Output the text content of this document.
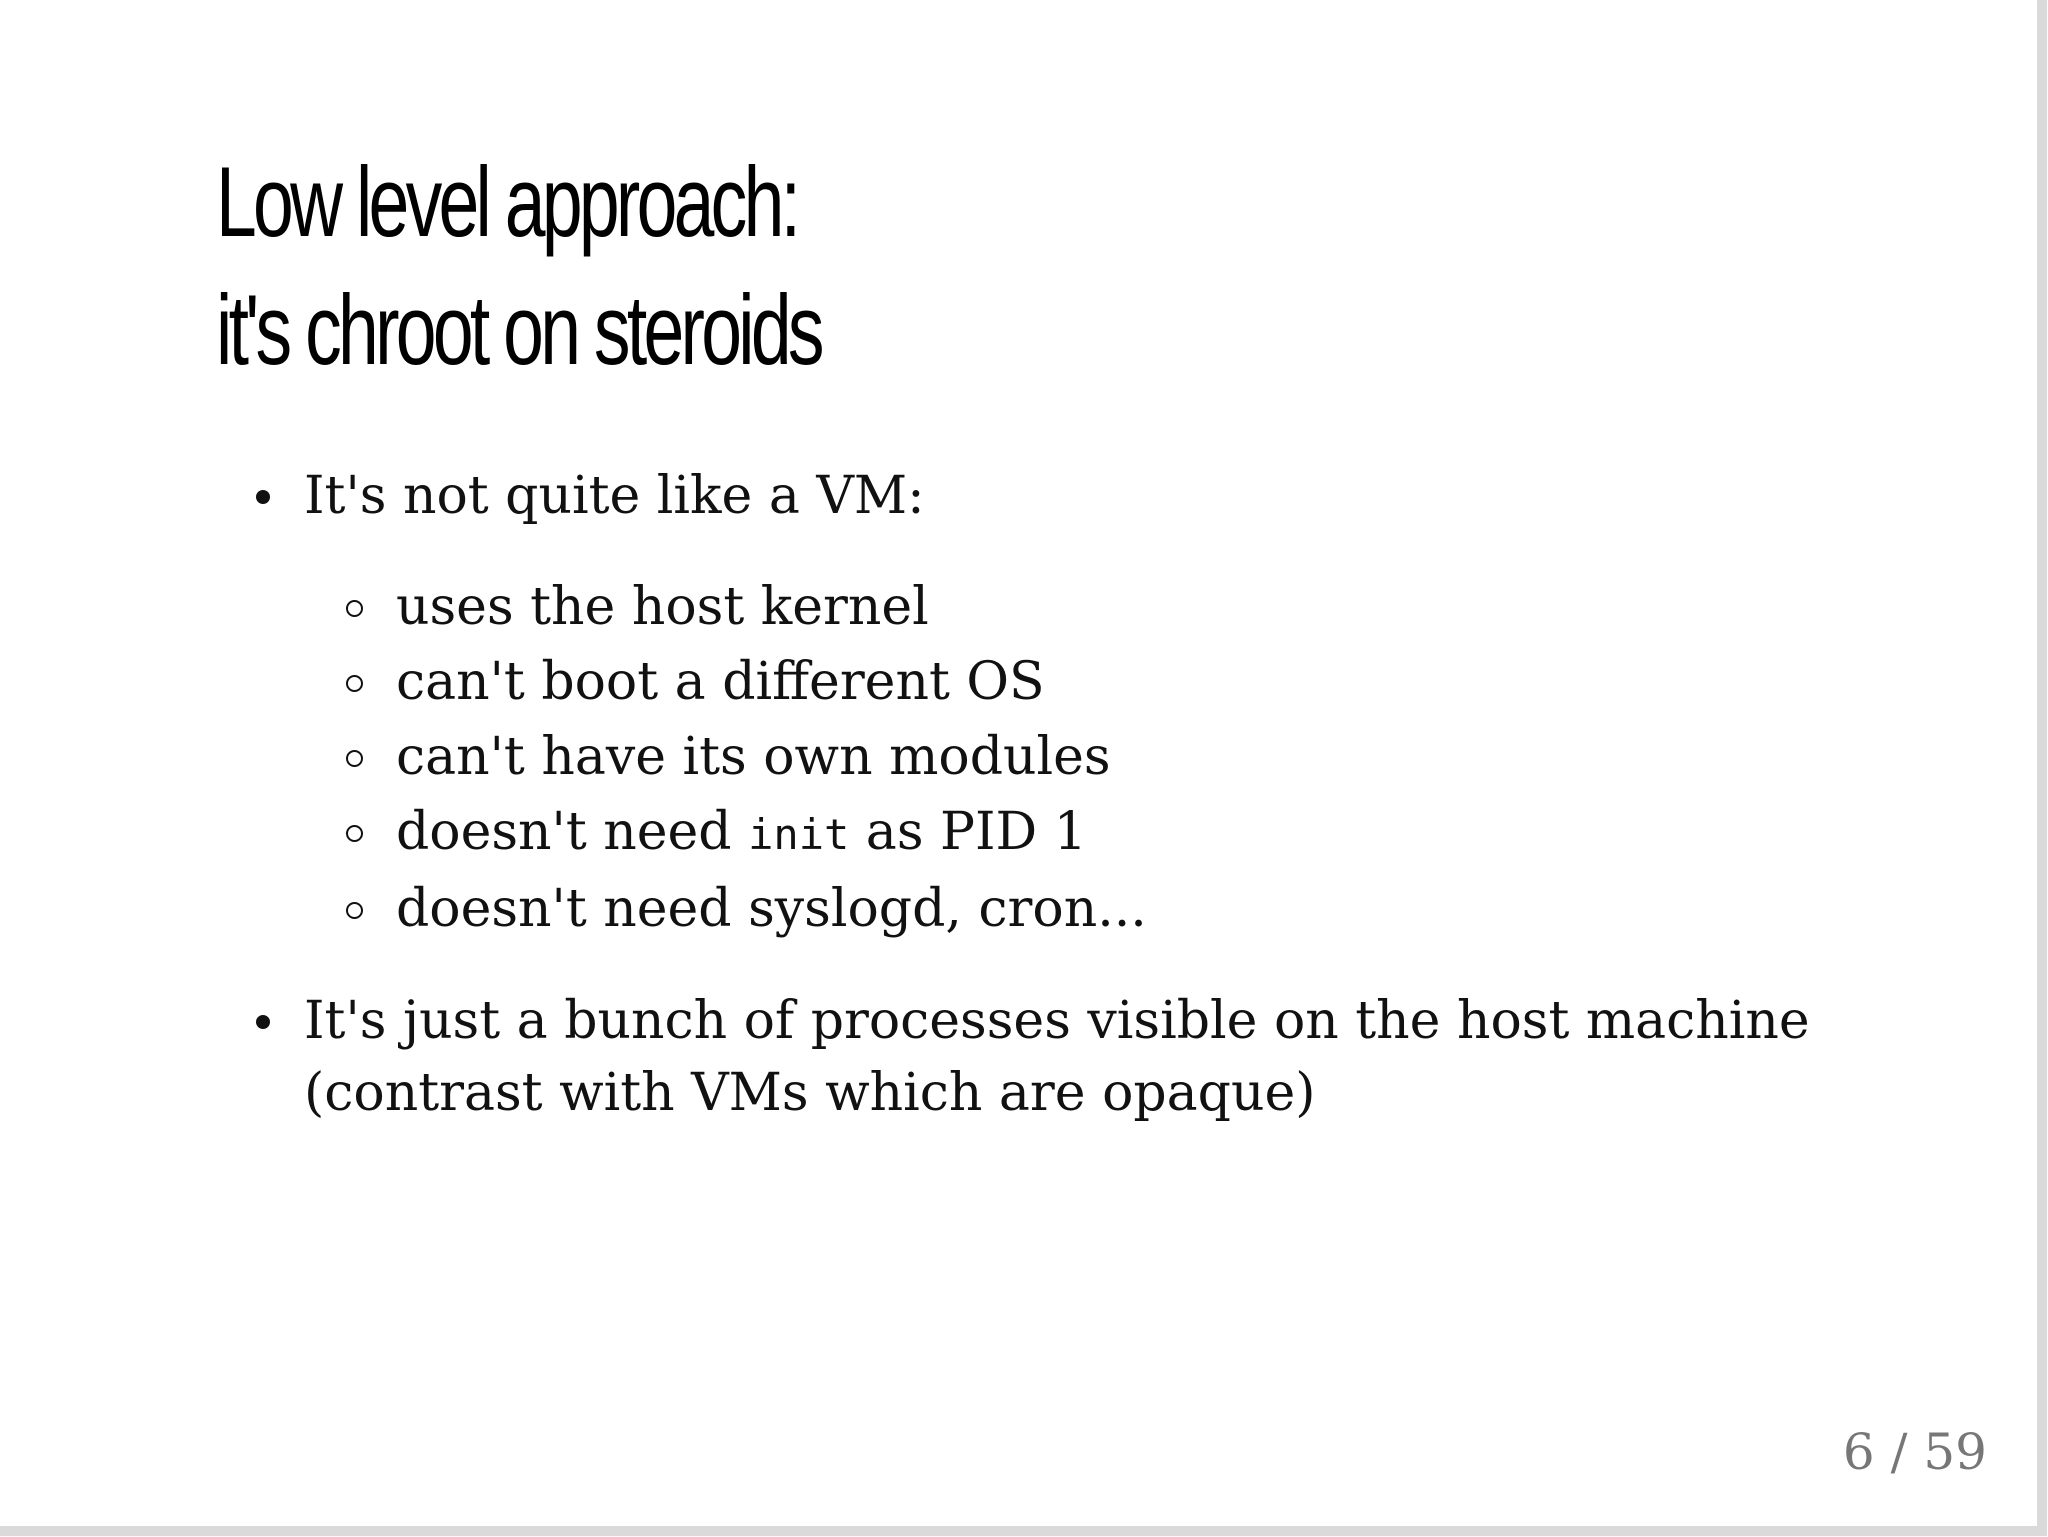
Low level approach:
it's chroot on steroids
It's not quite like a VM:
uses the host kernel
can't boot a different OS
can't have its own modules
doesn't need init as PID 1
doesn't need syslogd, cron...
It's just a bunch of processes visible on the host machine (contrast with VMs which are opaque)
6 / 59
